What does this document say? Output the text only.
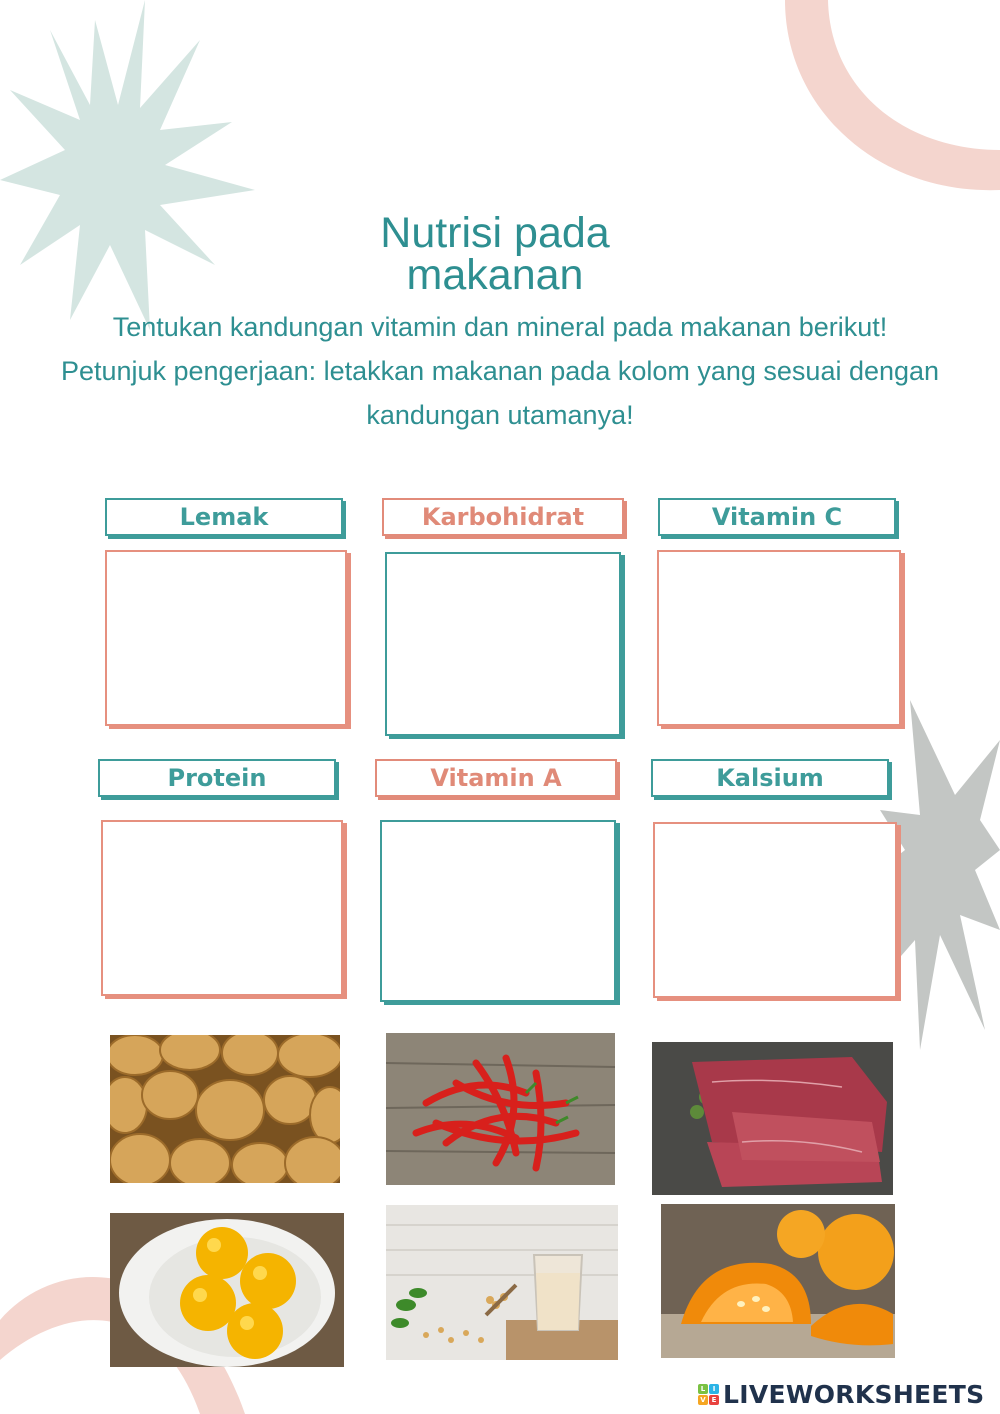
Nutrisi pada
makanan
Tentukan kandungan vitamin dan mineral pada makanan berikut!
Petunjuk pengerjaan: letakkan makanan pada kolom yang sesuai dengan
kandungan utamanya!
Lemak	Karbohidrat	Vitamin C
Protein	Vitamin A	Kalsium
L	I
V E LIVEWORKSHEETS
